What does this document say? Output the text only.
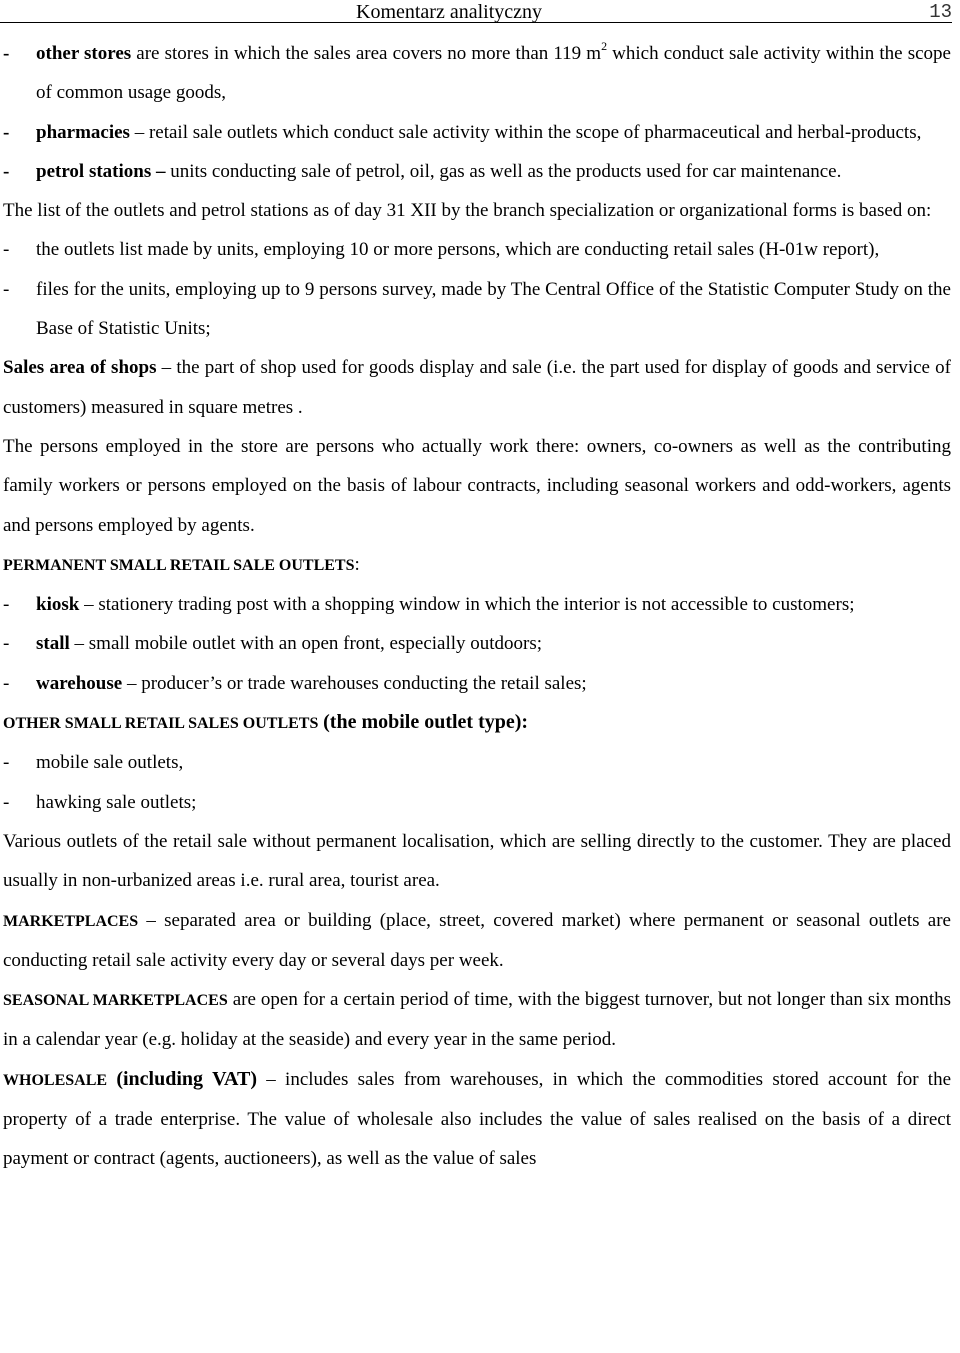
Komentarz analityczny	13
- other stores are stores in which the sales area covers no more than 119 $m^2$ which conduct sale activity within the scope of common usage goods,
- pharmacies – retail sale outlets which conduct sale activity within the scope of pharmaceutical and herbal-products,
- petrol stations – units conducting sale of petrol, oil, gas as well as the products used for car maintenance.

The list of the outlets and petrol stations as of day 31 XII by the branch specialization or organizational forms is based on:

- the outlets list made by units, employing 10 or more persons, which are conducting retail sales (H-01w report),
- files for the units, employing up to 9 persons survey, made by The Central Office of the Statistic Computer Study on the Base of Statistic Units;

Sales area of shops – the part of shop used for goods display and sale (i.e. the part used for display of goods and service of customers) measured in square metres .

The persons employed in the store are persons who actually work there: owners, co-owners as well as the contributing family workers or persons employed on the basis of labour contracts, including seasonal workers and odd-workers, agents and persons employed by agents.

PERMANENT SMALL RETAIL SALE OUTLETS:

- kiosk – stationery trading post with a shopping window in which the interior is not accessible to customers;
- stall – small mobile outlet with an open front, especially outdoors;
- warehouse – producer’s or trade warehouses conducting the retail sales;

OTHER SMALL RETAIL SALES OUTLETS (the mobile outlet type):

- mobile sale outlets,
- hawking sale outlets;

Various outlets of the retail sale without permanent localisation, which are selling directly to the customer. They are placed usually in non-urbanized areas i.e. rural area, tourist area.

MARKETPLACES – separated area or building (place, street, covered market) where permanent or seasonal outlets are conducting retail sale activity every day or several days per week.

SEASONAL MARKETPLACES are open for a certain period of time, with the biggest turnover, but not longer than six months in a calendar year (e.g. holiday at the seaside) and every year in the same period.

WHOLESALE (including VAT) – includes sales from warehouses, in which the commodities stored account for the property of a trade enterprise. The value of wholesale also includes the value of sales realised on the basis of a direct payment or contract (agents, auctioneers), as well as the value of sales
